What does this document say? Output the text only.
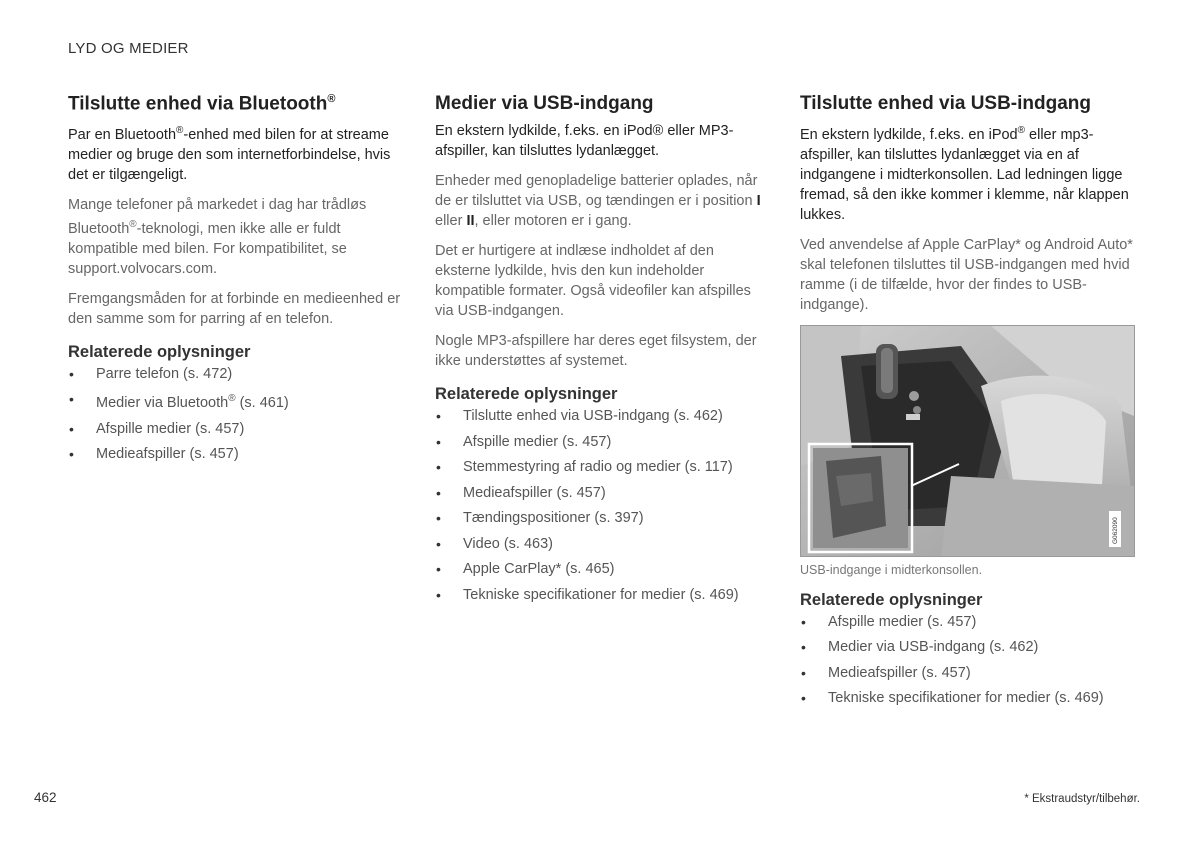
LYD OG MEDIER
Tilslutte enhed via Bluetooth®

Par en Bluetooth®-enhed med bilen for at streame medier og bruge den som internetforbindelse, hvis det er tilgængeligt.

Mange telefoner på markedet i dag har trådløs Bluetooth®-teknologi, men ikke alle er fuldt kompatible med bilen. For kompatibilitet, se support.volvocars.com.

Fremgangsmåden for at forbinde en medieenhed er den samme som for parring af en telefon.

Relaterede oplysninger
• Parre telefon (s. 472)
• Medier via Bluetooth® (s. 461)
• Afspille medier (s. 457)
• Medieafspiller (s. 457)
Medier via USB-indgang

En ekstern lydkilde, f.eks. en iPod® eller MP3-afspiller, kan tilsluttes lydanlægget.

Enheder med genopladelige batterier oplades, når de er tilsluttet via USB, og tændingen er i position I eller II, eller motoren er i gang.

Det er hurtigere at indlæse indholdet af den eksterne lydkilde, hvis den kun indeholder kompatible formater. Også videofiler kan afspilles via USB-indgangen.

Nogle MP3-afspillere har deres eget filsystem, der ikke understøttes af systemet.

Relaterede oplysninger
• Tilslutte enhed via USB-indgang (s. 462)
• Afspille medier (s. 457)
• Stemmestyring af radio og medier (s. 117)
• Medieafspiller (s. 457)
• Tændingspositioner (s. 397)
• Video (s. 463)
• Apple CarPlay* (s. 465)
• Tekniske specifikationer for medier (s. 469)
Tilslutte enhed via USB-indgang

En ekstern lydkilde, f.eks. en iPod® eller mp3-afspiller, kan tilsluttes lydanlægget via en af indgangene i midterkonsollen. Lad ledningen ligge fremad, så den ikke kommer i klemme, når klappen lukkes.

Ved anvendelse af Apple CarPlay* og Android Auto* skal telefonen tilsluttes til USB-indgangen med hvid ramme (i de tilfælde, hvor der findes to USB-indgange).

G062090
USB-indgange i midterkonsollen.
Relaterede oplysninger
• Afspille medier (s. 457)
• Medier via USB-indgang (s. 462)
• Medieafspiller (s. 457)
• Tekniske specifikationer for medier (s. 469)
462	* Ekstraudstyr/tilbehør.
